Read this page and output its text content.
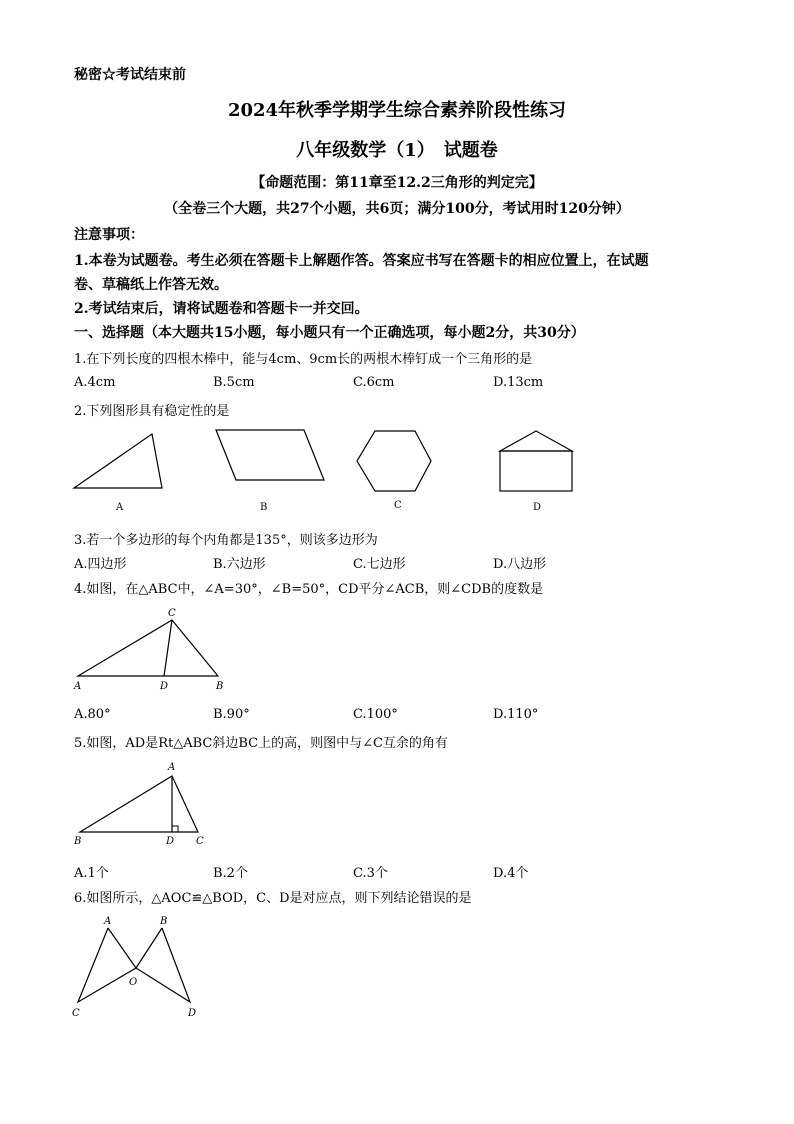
秘密☆考试结束前
2024年秋季学期学生综合素养阶段性练习
八年级数学（1）　试题卷
【命题范围：第11章至12.2三角形的判定完】
（全卷三个大题，共27个小题，共6页；满分100分，考试用时120分钟）
注意事项：
1.本卷为试题卷。考生必须在答题卡上解题作答。答案应书写在答题卡的相应位置上，在试题
卷、草稿纸上作答无效。
2.考试结束后，请将试题卷和答题卡一并交回。
一、选择题（本大题共15小题，每小题只有一个正确选项，每小题2分，共30分）
1.在下列长度的四根木棒中，能与4cm、9cm长的两根木棒钉成一个三角形的是
A.4cm	B.5cm	C.6cm	D.13cm
2.下列图形具有稳定性的是
A	B	C	D
3.若一个多边形的每个内角都是135°，则该多边形为
A.四边形	B.六边形	C.七边形	D.八边形
4.如图，在△ABC中，∠A=30°，∠B=50°，CD平分∠ACB，则∠CDB的度数是
C
A	D	B
A.80°	B.90°	C.100°	D.110°
5.如图，AD是Rt△ABC斜边BC上的高，则图中与∠C互余的角有
A
B	D C
A.1个	B.2个	C.3个	D.4个
6.如图所示，△AOC≌△BOD，C、D是对应点，则下列结论错误的是
A	B
O
C	D
